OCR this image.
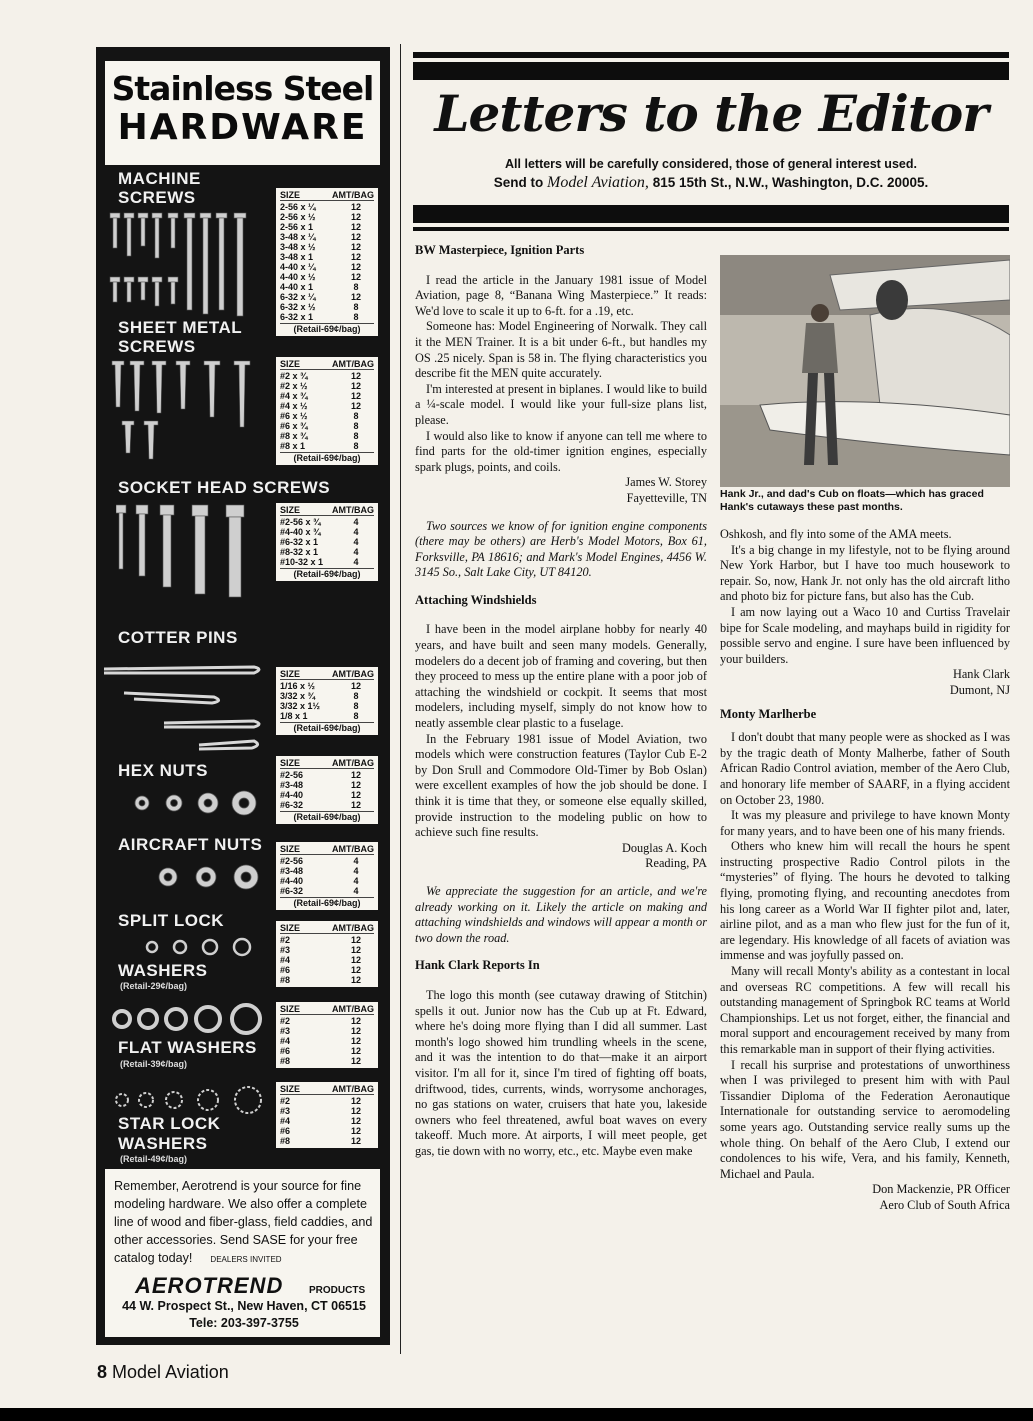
Stainless Steel
HARDWARE
MACHINE SCREWS	SIZE	AMT/BAG
2-56 x ¼	12
2-56 x ½	12
2-56 x 1	12
3-48 x ¼	12
3-48 x ½	12
3-48 x 1	12
4-40 x ¼	12
4-40 x ½	12
4-40 x 1	8
6-32 x ¼	12
6-32 x ½	8
6-32 x 1	8
(Retail-69¢/bag)
SHEET METAL SCREWS
SIZE	AMT/BAG
#2 x ¾	12
#2 x ½	12
#4 x ¾	12
#4 x ½	12
#6 x ½	8
#6 x ¾	8
#8 x ¾	8
#8 x 1	8
(Retail-69¢/bag)
SOCKET HEAD SCREWS
SIZE	AMT/BAG
#2-56 x ¾	4
#4-40 x ¾	4
#6-32 x 1	4
#8-32 x 1	4
#10-32 x 1	4
(Retail-69¢/bag)
COTTER PINS
SIZE	AMT/BAG
1/16 x ½	12
3/32 x ¾	8
3/32 x 1½	8
1/8 x 1	8
(Retail-69¢/bag)
HEX NUTS	SIZE	AMT/BAG
#2-56	12
#3-48	12
#4-40	12
#6-32	12
(Retail-69¢/bag)
AIRCRAFT NUTS	SIZE	AMT/BAG
#2-56	4
#3-48	4
#4-40	4
#6-32	4
(Retail-69¢/bag)
SPLIT LOCK
WASHERS
(Retail-29¢/bag)
SIZE	AMT/BAG
#2	12
#3	12
#4	12
#6	12
#8	12
FLAT WASHERS
(Retail-39¢/bag)
SIZE	AMT/BAG
#2	12
#3	12
#4	12
#6	12
#8	12
STAR LOCK
WASHERS
(Retail-49¢/bag)
SIZE	AMT/BAG
#2	12
#3	12
#4	12
#6	12
#8	12
Remember, Aerotrend is your source for fine modeling hardware. We also offer a complete line of wood and fiber-glass, field caddies, and other accessories. Send SASE for your free catalog today! DEALERS INVITED
AEROTREND	PRODUCTS
44 W. Prospect St., New Haven, CT 06515
Tele: 203-397-3755
8 Model Aviation
Letters to the Editor
All letters will be carefully considered, those of general interest used.
Send to Model Aviation, 815 15th St., N.W., Washington, D.C. 20005.

BW Masterpiece, Ignition Parts

I read the article in the January 1981 issue of Model Aviation, page 8, “Banana Wing Masterpiece.” It reads: We'd love to scale it up to 6-ft. for a .19, etc.

Someone has: Model Engineering of Norwalk. They call it the MEN Trainer. It is a bit under 6-ft., but handles my OS .25 nicely. Span is 58 in. The flying characteristics you describe fit the MEN quite accurately.

I'm interested at present in biplanes. I would like to build a ¼-scale model. I would like your full-size plans list, please.

I would also like to know if anyone can tell me where to find parts for the old-timer ignition engines, especially spark plugs, points, and coils.

James W. Storey

Fayetteville, TN

Two sources we know of for ignition engine components (there may be others) are Herb's Model Motors, Box 61, Forksville, PA 18616; and Mark's Model Engines, 4456 W. 3145 So., Salt Lake City, UT 84120.

Attaching Windshields

I have been in the model airplane hobby for nearly 40 years, and have built and seen many models. Generally, modelers do a decent job of framing and covering, but then they proceed to mess up the entire plane with a poor job of attaching the windshield or cockpit. It seems that most modelers, including myself, simply do not know how to neatly assemble clear plastic to a fuselage.

In the February 1981 issue of Model Aviation, two models which were construction features (Taylor Cub E-2 by Don Srull and Commodore Old-Timer by Bob Oslan) were excellent examples of how the job should be done. I think it is time that they, or someone else equally skilled, provide instruction to the modeling public on how to achieve such fine results.

Douglas A. Koch

Reading, PA

We appreciate the suggestion for an article, and we're already working on it. Likely the article on making and attaching windshields and windows will appear a month or two down the road.

Hank Clark Reports In

The logo this month (see cutaway drawing of Stitchin) spells it out. Junior now has the Cub up at Ft. Edward, where he's doing more flying than I did all summer. Last month's logo showed him trundling wheels in the scene, and it was the intention to do that—make it an airport visitor. I'm all for it, since I'm tired of fighting off boats, driftwood, tides, currents, winds, worrysome anchorages, no gas stations on water, cruisers that hate you, lakeside owners who feel threatened, awful boat waves on every takeoff. Much more. At airports, I will meet people, get gas, tie down with no worry, etc., etc. Maybe even make

Hank Jr., and dad's Cub on floats—which has graced Hank's cutaways these past months.

Oshkosh, and fly into some of the AMA meets.

It's a big change in my lifestyle, not to be flying around New York Harbor, but I have too much housework to repair. So, now, Hank Jr. not only has the old aircraft litho and photo biz for picture fans, but also has the Cub.

I am now laying out a Waco 10 and Curtiss Travelair bipe for Scale modeling, and mayhaps build in rigidity for possible servo and engine. I sure have been influenced by your builders.

Hank Clark

Dumont, NJ

Monty Marlherbe

I don't doubt that many people were as shocked as I was by the tragic death of Monty Malherbe, father of South African Radio Control aviation, member of the Aero Club, and honorary life member of SAARF, in a flying accident on October 23, 1980.

It was my pleasure and privilege to have known Monty for many years, and to have been one of his many friends.

Others who knew him will recall the hours he spent instructing prospective Radio Control pilots in the “mysteries” of flying. The hours he devoted to talking flying, promoting flying, and recounting anecdotes from his long career as a World War II fighter pilot and, later, airline pilot, and as a man who flew just for the fun of it, are legendary. His knowledge of all facets of aviation was immense and was joyfully passed on.

Many will recall Monty's ability as a contestant in local and overseas RC competitions. A few will recall his outstanding management of Springbok RC teams at World Championships. Let us not forget, either, the financial and moral support and encouragement received by many from this remarkable man in support of their flying activities.

I recall his surprise and protestations of unworthiness when I was privileged to present him with with Paul Tissandier Diploma of the Federation Aeronautique Internationale for outstanding service to aeromodeling some years ago. Outstanding service really sums up the whole thing. On behalf of the Aero Club, I extend our condolences to his wife, Vera, and his family, Kenneth, Michael and Paula.

Don Mackenzie, PR Officer

Aero Club of South Africa
